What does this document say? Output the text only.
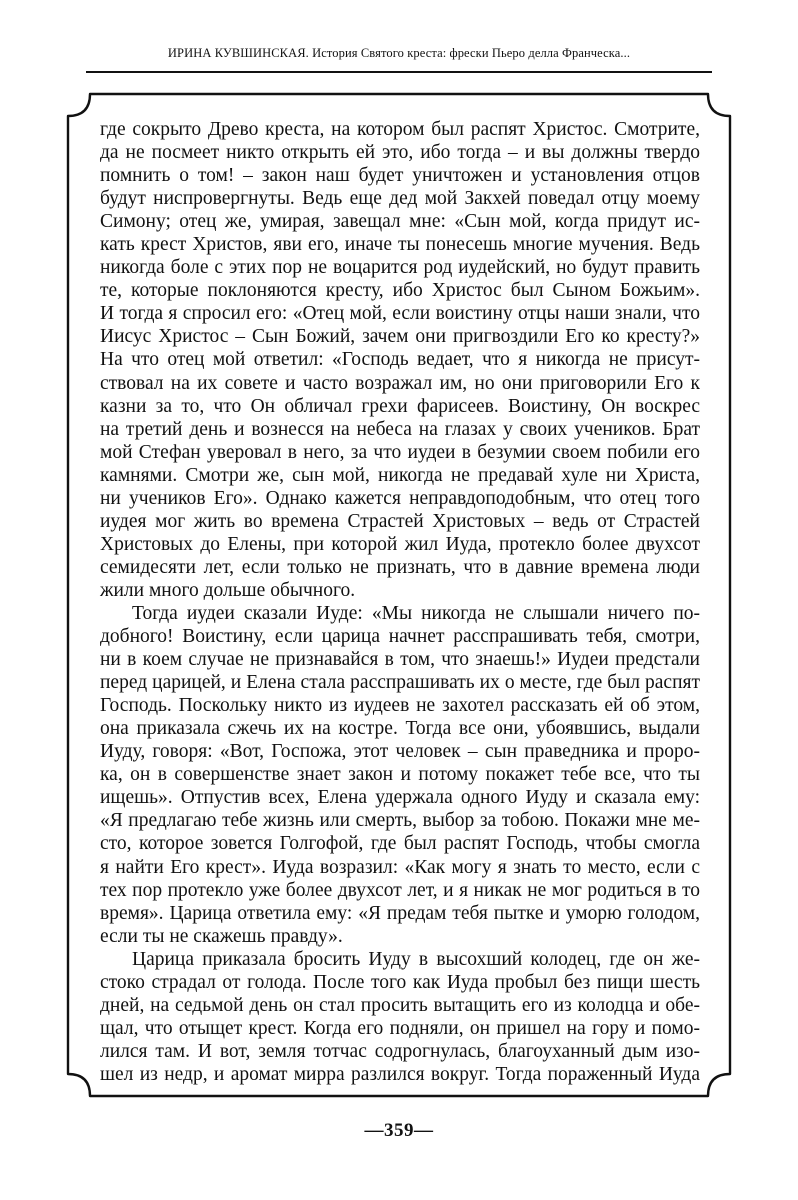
ИРИНА КУВШИНСКАЯ. История Святого креста: фрески Пьеро делла Франческа...
где сокрыто Древо креста, на котором был распят Христос. Смотрите,
да не посмеет никто открыть ей это, ибо тогда – и вы должны твердо
помнить о том! – закон наш будет уничтожен и установления отцов
будут ниспровергнуты. Ведь еще дед мой Закхей поведал отцу моему
Симону; отец же, умирая, завещал мне: «Сын мой, когда придут ис-
кать крест Христов, яви его, иначе ты понесешь многие мучения. Ведь
никогда боле с этих пор не воцарится род иудейский, но будут править
те, которые поклоняются кресту, ибо Христос был Сыном Божьим».
И тогда я спросил его: «Отец мой, если воистину отцы наши знали, что
Иисус Христос – Сын Божий, зачем они пригвоздили Его ко кресту?»
На что отец мой ответил: «Господь ведает, что я никогда не присут-
ствовал на их совете и часто возражал им, но они приговорили Его к
казни за то, что Он обличал грехи фарисеев. Воистину, Он воскрес
на третий день и вознесся на небеса на глазах у своих учеников. Брат
мой Стефан уверовал в него, за что иудеи в безумии своем побили его
камнями. Смотри же, сын мой, никогда не предавай хуле ни Христа,
ни учеников Его». Однако кажется неправдоподобным, что отец того
иудея мог жить во времена Страстей Христовых – ведь от Страстей
Христовых до Елены, при которой жил Иуда, протекло более двухсот
семидесяти лет, если только не признать, что в давние времена люди
жили много дольше обычного.
Тогда иудеи сказали Иуде: «Мы никогда не слышали ничего по-
добного! Воистину, если царица начнет расспрашивать тебя, смотри,
ни в коем случае не признавайся в том, что знаешь!» Иудеи предстали
перед царицей, и Елена стала расспрашивать их о месте, где был распят
Господь. Поскольку никто из иудеев не захотел рассказать ей об этом,
она приказала сжечь их на костре. Тогда все они, убоявшись, выдали
Иуду, говоря: «Вот, Госпожа, этот человек – сын праведника и проро-
ка, он в совершенстве знает закон и потому покажет тебе все, что ты
ищешь». Отпустив всех, Елена удержала одного Иуду и сказала ему:
«Я предлагаю тебе жизнь или смерть, выбор за тобою. Покажи мне ме-
сто, которое зовется Голгофой, где был распят Господь, чтобы смогла
я найти Его крест». Иуда возразил: «Как могу я знать то место, если с
тех пор протекло уже более двухсот лет, и я никак не мог родиться в то
время». Царица ответила ему: «Я предам тебя пытке и уморю голодом,
если ты не скажешь правду».
Царица приказала бросить Иуду в высохший колодец, где он же-
стоко страдал от голода. После того как Иуда пробыл без пищи шесть
дней, на седьмой день он стал просить вытащить его из колодца и обе-
щал, что отыщет крест. Когда его подняли, он пришел на гору и помо-
лился там. И вот, земля тотчас содрогнулась, благоуханный дым изо-
шел из недр, и аромат мирра разлился вокруг. Тогда пораженный Иуда
—359—
